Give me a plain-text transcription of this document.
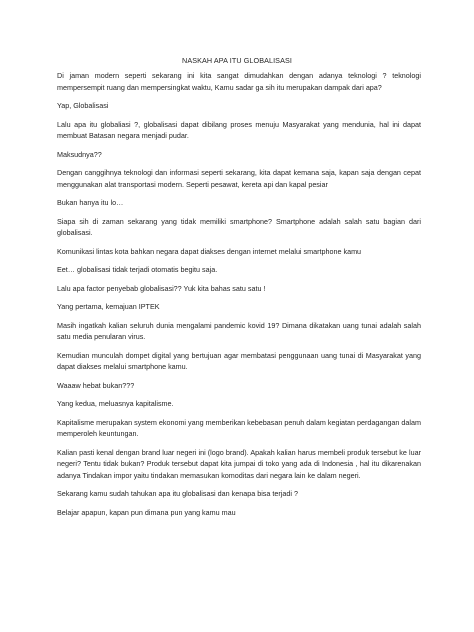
NASKAH APA ITU GLOBALISASI

Di jaman modern seperti sekarang ini kita sangat dimudahkan dengan adanya teknologi ? teknologi mempersempit ruang dan mempersingkat waktu, Kamu sadar ga sih itu merupakan dampak dari apa?

Yap, Globalisasi

Lalu apa itu globaliasi ?, globalisasi dapat dibilang proses menuju Masyarakat yang mendunia, hal ini dapat membuat Batasan negara menjadi pudar.

Maksudnya??

Dengan canggihnya teknologi dan informasi seperti sekarang, kita dapat kemana saja, kapan saja dengan cepat menggunakan alat transportasi modern. Seperti pesawat, kereta api dan kapal pesiar

Bukan hanya itu lo…

Siapa sih di zaman sekarang yang tidak memiliki smartphone? Smartphone adalah salah satu bagian dari globalisasi.

Komunikasi lintas kota bahkan negara dapat diakses dengan internet melalui smartphone kamu

Eet… globalisasi tidak terjadi otomatis begitu saja.

Lalu apa factor penyebab globalisasi?? Yuk kita bahas satu satu !

Yang pertama, kemajuan IPTEK

Masih ingatkah kalian seluruh dunia mengalami pandemic kovid 19? Dimana dikatakan uang tunai adalah salah satu media penularan virus.

Kemudian munculah dompet digital yang bertujuan agar membatasi penggunaan uang tunai di Masyarakat yang dapat diakses melalui smartphone kamu.

Waaaw hebat bukan???

Yang kedua, meluasnya kapitalisme.

Kapitalisme merupakan system ekonomi yang memberikan kebebasan penuh dalam kegiatan perdagangan dalam memperoleh keuntungan.

Kalian pasti kenal dengan brand luar negeri ini (logo brand). Apakah kalian harus membeli produk tersebut ke luar negeri? Tentu tidak bukan? Produk tersebut dapat kita jumpai di toko yang ada di Indonesia , hal itu dikarenakan adanya Tindakan impor yaitu tindakan memasukan komoditas dari negara lain ke dalam negeri.

Sekarang kamu sudah tahukan apa itu globalisasi dan kenapa bisa terjadi ?

Belajar apapun, kapan pun dimana pun yang kamu mau
